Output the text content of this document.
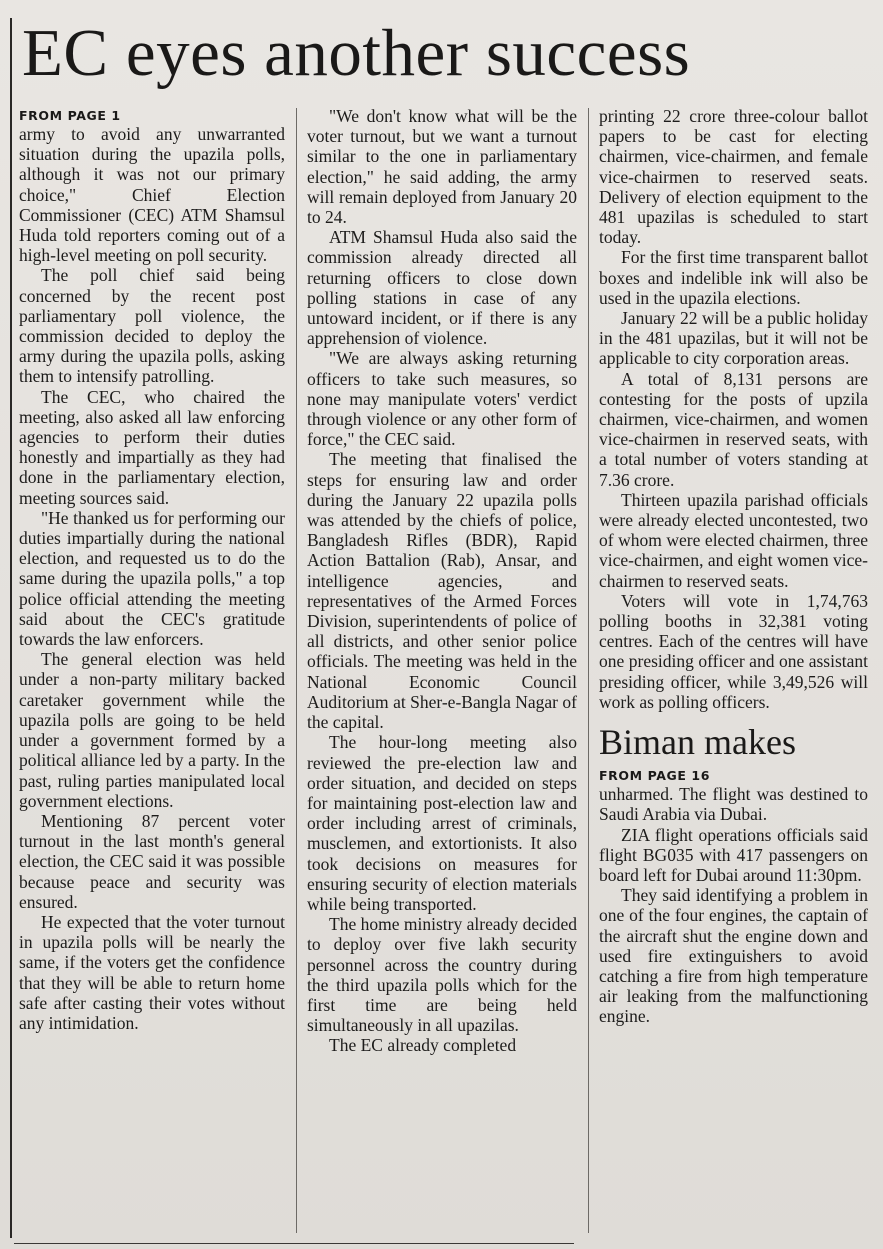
EC eyes another success
FROM PAGE 1

army to avoid any unwarranted situation during the upazila polls, although it was not our primary choice," Chief Election Commissioner (CEC) ATM Shamsul Huda told reporters coming out of a high-level meeting on poll security.

The poll chief said being concerned by the recent post parliamentary poll violence, the commission decided to deploy the army during the upazila polls, asking them to intensify patrolling.

The CEC, who chaired the meeting, also asked all law enforcing agencies to perform their duties honestly and impartially as they had done in the parliamentary election, meeting sources said.

"He thanked us for performing our duties impartially during the national election, and requested us to do the same during the upazila polls," a top police official attending the meeting said about the CEC's gratitude towards the law enforcers.

The general election was held under a non-party military backed caretaker government while the upazila polls are going to be held under a government formed by a political alliance led by a party. In the past, ruling parties manipulated local government elections.

Mentioning 87 percent voter turnout in the last month's general election, the CEC said it was possible because peace and security was ensured.

He expected that the voter turnout in upazila polls will be nearly the same, if the voters get the confidence that they will be able to return home safe after casting their votes without any intimidation.

"We don't know what will be the voter turnout, but we want a turnout similar to the one in parliamentary election," he said adding, the army will remain deployed from January 20 to 24.

ATM Shamsul Huda also said the commission already directed all returning officers to close down polling stations in case of any untoward incident, or if there is any apprehension of violence.

"We are always asking returning officers to take such measures, so none may manipulate voters' verdict through violence or any other form of force," the CEC said.

The meeting that finalised the steps for ensuring law and order during the January 22 upazila polls was attended by the chiefs of police, Bangladesh Rifles (BDR), Rapid Action Battalion (Rab), Ansar, and intelligence agencies, and representatives of the Armed Forces Division, superintendents of police of all districts, and other senior police officials. The meeting was held in the National Economic Council Auditorium at Sher-e-Bangla Nagar of the capital.

The hour-long meeting also reviewed the pre-election law and order situation, and decided on steps for maintaining post-election law and order including arrest of criminals, musclemen, and extortionists. It also took decisions on measures for ensuring security of election materials while being transported.

The home ministry already decided to deploy over five lakh security personnel across the country during the third upazila polls which for the first time are being held simultaneously in all upazilas.

The EC already completed

printing 22 crore three-colour ballot papers to be cast for electing chairmen, vice-chairmen, and female vice-chairmen to reserved seats. Delivery of election equipment to the 481 upazilas is scheduled to start today.

For the first time transparent ballot boxes and indelible ink will also be used in the upazila elections.

January 22 will be a public holiday in the 481 upazilas, but it will not be applicable to city corporation areas.

A total of 8,131 persons are contesting for the posts of upzila chairmen, vice-chairmen, and women vice-chairmen in reserved seats, with a total number of voters standing at 7.36 crore.

Thirteen upazila parishad officials were already elected uncontested, two of whom were elected chairmen, three vice-chairmen, and eight women vice-chairmen to reserved seats.

Voters will vote in 1,74,763 polling booths in 32,381 voting centres. Each of the centres will have one presiding officer and one assistant presiding officer, while 3,49,526 will work as polling officers.

Biman makes
FROM PAGE 16

unharmed. The flight was destined to Saudi Arabia via Dubai.

ZIA flight operations officials said flight BG035 with 417 passengers on board left for Dubai around 11:30pm.

They said identifying a problem in one of the four engines, the captain of the aircraft shut the engine down and used fire extinguishers to avoid catching a fire from high temperature air leaking from the malfunctioning engine.
